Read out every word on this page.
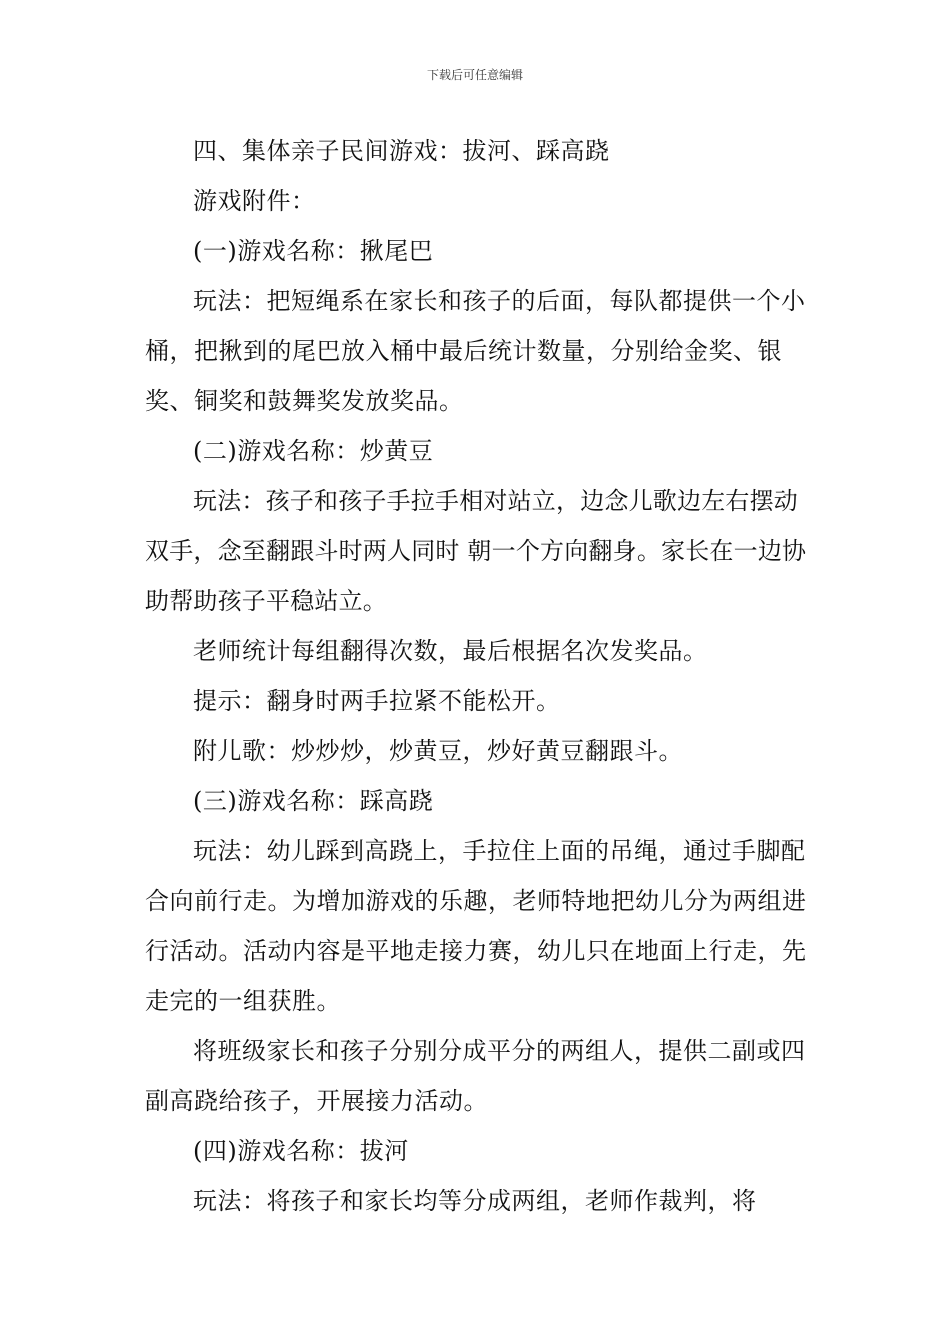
下载后可任意编辑

四、集体亲子民间游戏：拔河、踩高跷

游戏附件：

(一)游戏名称：揪尾巴

玩法：把短绳系在家长和孩子的后面，每队都提供一个小桶，把揪到的尾巴放入桶中最后统计数量，分别给金奖、银奖、铜奖和鼓舞奖发放奖品。

(二)游戏名称：炒黄豆

玩法：孩子和孩子手拉手相对站立，边念儿歌边左右摆动双手，念至翻跟斗时两人同时 朝一个方向翻身。家长在一边协助帮助孩子平稳站立。

老师统计每组翻得次数，最后根据名次发奖品。

提示：翻身时两手拉紧不能松开。

附儿歌：炒炒炒，炒黄豆，炒好黄豆翻跟斗。

(三)游戏名称：踩高跷

玩法：幼儿踩到高跷上，手拉住上面的吊绳，通过手脚配合向前行走。为增加游戏的乐趣，老师特地把幼儿分为两组进行活动。活动内容是平地走接力赛，幼儿只在地面上行走，先走完的一组获胜。

将班级家长和孩子分别分成平分的两组人，提供二副或四副高跷给孩子，开展接力活动。

(四)游戏名称：拔河

玩法：将孩子和家长均等分成两组，老师作裁判，将
